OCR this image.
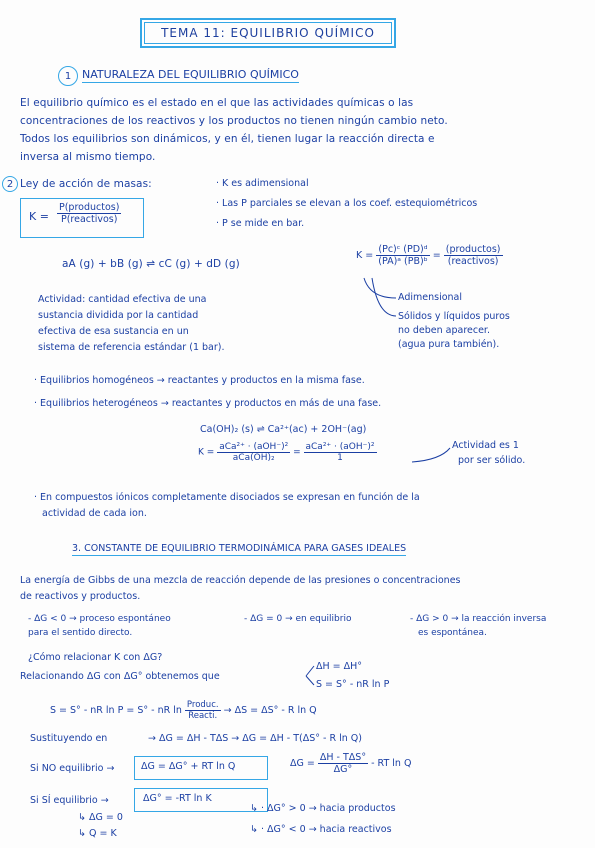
TEMA 11: EQUILIBRIO QUÍMICO
1 NATURALEZA DEL EQUILIBRIO QUÍMICO
El equilibrio químico es el estado en el que las actividades químicas o las
concentraciones de los reactivos y los productos no tienen ningún cambio neto.
Todos los equilibrios son dinámicos, y en él, tienen lugar la reacción directa e
inversa al mismo tiempo.
2 Ley de acción de masas:
$K = \frac{\text{P(productos)}}{\text{P(reactivos)}}$
· K es adimensional
· Las P parciales se elevan a los coef. estequiométricos
· P se mide en bar.
aA (g) + bB (g) ⇌ cC (g) + dD (g)
$K = \frac{\text{(Pc)ᶜ (PD)ᵈ}}{\text{(PA)ᵃ (PB)ᵇ}} = \frac{\text{(productos)}}{\text{(reactivos)}}$
Adimensional
Sólidos y líquidos puros
no deben aparecer.
(agua pura también).
Actividad: cantidad efectiva de una
sustancia dividida por la cantidad
efectiva de esa sustancia en un
sistema de referencia estándar (1 bar).
· Equilibrios homogéneos → reactantes y productos en la misma fase.
· Equilibrios heterogéneos → reactantes y productos en más de una fase.
Ca(OH)₂ (s) ⇌ Ca²⁺(ac) + 2OH⁻(ag)
$K = \frac{\text{aCa²⁺ · (aOH⁻)²}}{\text{aCa(OH)₂}} = \frac{\text{aCa²⁺ · (aOH⁻)²}}{1}$	Actividad es 1
por ser sólido.
· En compuestos iónicos completamente disociados se expresan en función de la
actividad de cada ion.
3. CONSTANTE DE EQUILIBRIO TERMODINÁMICA PARA GASES IDEALES
La energía de Gibbs de una mezcla de reacción depende de las presiones o concentraciones
de reactivos y productos.
- ΔG < 0 → proceso espontáneo
para el sentido directo.
- ΔG = 0 → en equilibrio	- ΔG > 0 → la reacción inversa
es espontánea.
¿Cómo relacionar K con ΔG?
Relacionando ΔG con ΔG° obtenemos que
ΔH = ΔH°
S = S° - nR ln P
S = S° - nR ln P = S° - nR $\ln \frac{\text{Produc.}}{\text{Reacti.}} \to \Delta S = \Delta S^\circ - R$ ln Q
Sustituyendo en	→ ΔG = ΔH - TΔS → ΔG = ΔH - T(ΔS° - R ln Q)
Si NO equilibrio →	ΔG = ΔG° + RT ln Q	$\Delta G = \frac{\text{ΔH - TΔS°}}{\Delta G^\circ}$ - RT ln Q
Si SÍ equilibrio →	ΔG° = -RT ln K
↳ ΔG = 0
↳ Q = K
↳ · ΔG° > 0 → hacia productos
↳ · ΔG° < 0 → hacia reactivos
